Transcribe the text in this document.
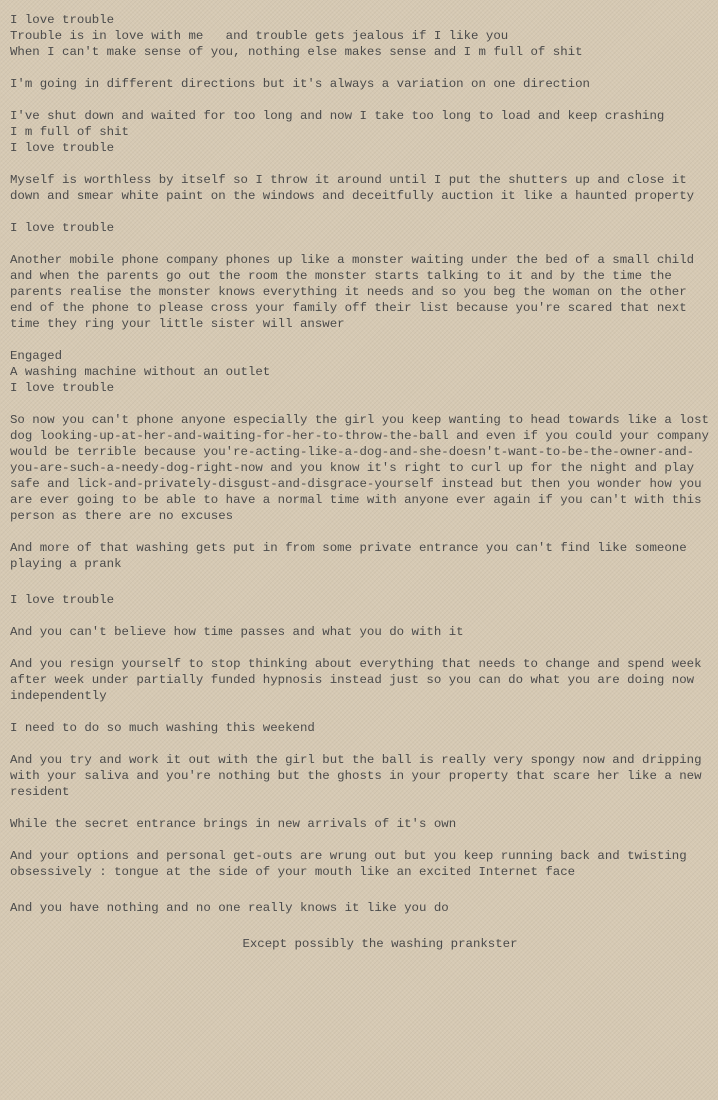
I love trouble
Trouble is in love with me   and trouble gets jealous if I like you
When I can't make sense of you, nothing else makes sense and I m full of shit
I'm going in different directions but it's always a variation on one direction
I've shut down and waited for too long and now I take too long to load and keep crashing
I m full of shit
I love trouble
Myself is worthless by itself so I throw it around until I put the shutters up and close it down and smear white paint on the windows and deceitfully auction it like a haunted property
I love trouble
Another mobile phone company phones up like a monster waiting under the bed of a small child and when the parents go out the room the monster starts talking to it and by the time the parents realise the monster knows everything it needs and so you beg the woman on the other end of the phone to please cross your family off their list because you're scared that next time they ring your little sister will answer
Engaged
A washing machine without an outlet
I love trouble
So now you can't phone anyone especially the girl you keep wanting to head towards like a lost dog looking-up-at-her-and-waiting-for-her-to-throw-the-ball and even if you could your company would be terrible because you're-acting-like-a-dog-and-she-doesn't-want-to-be-the-owner-and-you-are-such-a-needy-dog-right-now and you know it's right to curl up for the night and play safe and lick-and-privately-disgust-and-disgrace-yourself instead but then you wonder how you are ever going to be able to have a normal time with anyone ever again if you can't with this person as there are no excuses
And more of that washing gets put in from some private entrance you can't find like someone playing a prank
I love trouble
And you can't believe how time passes and what you do with it
And you resign yourself to stop thinking about everything that needs to change and spend week after week under partially funded hypnosis instead just so you can do what you are doing now independently
I need to do so much washing this weekend
And you try and work it out with the girl but the ball is really very spongy now and dripping with your saliva and you're nothing but the ghosts in your property that scare her like a new resident
While the secret entrance brings in new arrivals of it's own
And your options and personal get-outs are wrung out but you keep running back and twisting obsessively : tongue at the side of your mouth like an excited Internet face
And you have nothing and no one really knows it like you do
Except possibly the washing prankster
